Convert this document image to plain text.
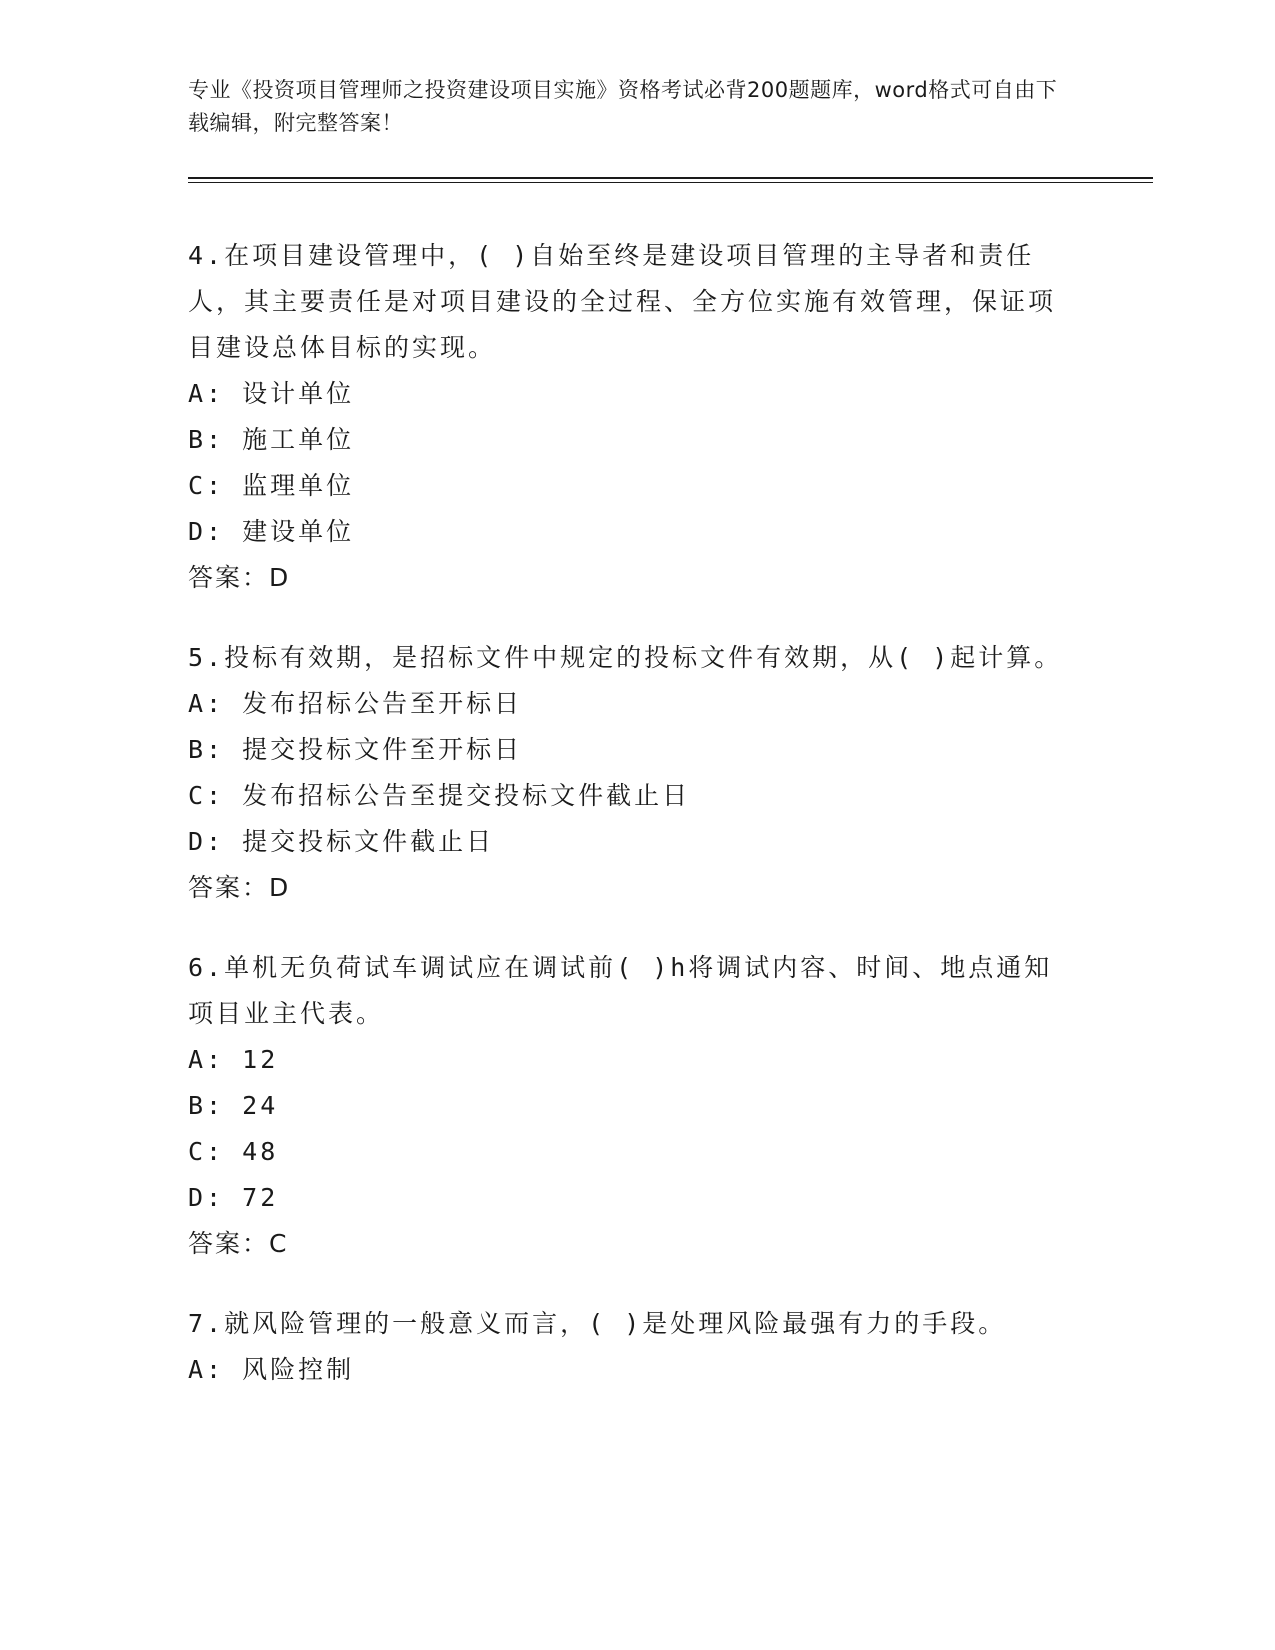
专业《投资项目管理师之投资建设项目实施》资格考试必背200题题库，word格式可自由下载编辑，附完整答案！
4.在项目建设管理中，( )自始至终是建设项目管理的主导者和责任人，其主要责任是对项目建设的全过程、全方位实施有效管理，保证项目建设总体目标的实现。
A: 设计单位
B: 施工单位
C: 监理单位
D: 建设单位
答案：D
5.投标有效期，是招标文件中规定的投标文件有效期，从( )起计算。
A: 发布招标公告至开标日
B: 提交投标文件至开标日
C: 发布招标公告至提交投标文件截止日
D: 提交投标文件截止日
答案：D
6.单机无负荷试车调试应在调试前( )h将调试内容、时间、地点通知项目业主代表。
A: 12
B: 24
C: 48
D: 72
答案：C
7.就风险管理的一般意义而言，( )是处理风险最强有力的手段。
A: 风险控制
